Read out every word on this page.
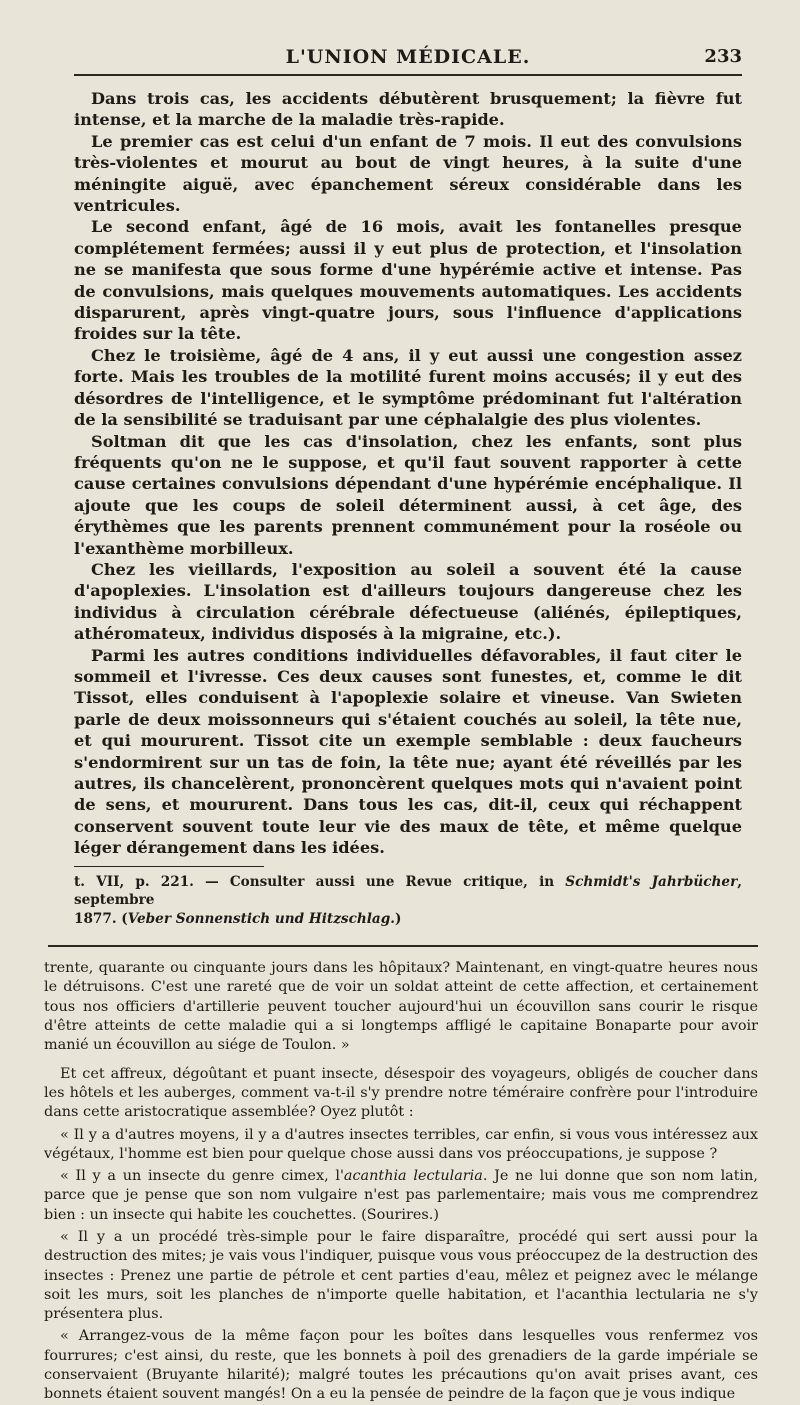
L'UNION MÉDICALE.	233

Dans trois cas, les accidents débutèrent brusquement; la fièvre fut intense, et la marche de la maladie très-rapide.

Le premier cas est celui d'un enfant de 7 mois. Il eut des convulsions très-violentes et mourut au bout de vingt heures, à la suite d'une méningite aiguë, avec épanchement séreux considérable dans les ventricules.

Le second enfant, âgé de 16 mois, avait les fontanelles presque complétement fermées; aussi il y eut plus de protection, et l'insolation ne se manifesta que sous forme d'une hypérémie active et intense. Pas de convulsions, mais quelques mouvements automatiques. Les accidents disparurent, après vingt-quatre jours, sous l'influence d'applications froides sur la tête.

Chez le troisième, âgé de 4 ans, il y eut aussi une congestion assez forte. Mais les troubles de la motilité furent moins accusés; il y eut des désordres de l'intelligence, et le symptôme prédominant fut l'altération de la sensibilité se traduisant par une céphalalgie des plus violentes.

Soltman dit que les cas d'insolation, chez les enfants, sont plus fréquents qu'on ne le suppose, et qu'il faut souvent rapporter à cette cause certaines convulsions dépendant d'une hypérémie encéphalique. Il ajoute que les coups de soleil déterminent aussi, à cet âge, des érythèmes que les parents prennent communément pour la roséole ou l'exanthème morbilleux.

Chez les vieillards, l'exposition au soleil a souvent été la cause d'apoplexies. L'insolation est d'ailleurs toujours dangereuse chez les individus à circulation cérébrale défectueuse (aliénés, épileptiques, athéromateux, individus disposés à la migraine, etc.).

Parmi les autres conditions individuelles défavorables, il faut citer le sommeil et l'ivresse. Ces deux causes sont funestes, et, comme le dit Tissot, elles conduisent à l'apoplexie solaire et vineuse. Van Swieten parle de deux moissonneurs qui s'étaient couchés au soleil, la tête nue, et qui moururent. Tissot cite un exemple semblable : deux faucheurs s'endormirent sur un tas de foin, la tête nue; ayant été réveillés par les autres, ils chancelèrent, prononcèrent quelques mots qui n'avaient point de sens, et moururent. Dans tous les cas, dit-il, ceux qui réchappent conservent souvent toute leur vie des maux de tête, et même quelque léger dérangement dans les idées.

t. VII, p. 221. — Consulter aussi une Revue critique, in Schmidt's Jahrbücher, septembre
1877. (Veber Sonnenstich und Hitzschlag.)

trente, quarante ou cinquante jours dans les hôpitaux? Maintenant, en vingt-quatre heures nous le détruisons. C'est une rareté que de voir un soldat atteint de cette affection, et certainement tous nos officiers d'artillerie peuvent toucher aujourd'hui un écouvillon sans courir le risque d'être atteints de cette maladie qui a si longtemps affligé le capitaine Bonaparte pour avoir manié un écouvillon au siége de Toulon. »

Et cet affreux, dégoûtant et puant insecte, désespoir des voyageurs, obligés de coucher dans les hôtels et les auberges, comment va-t-il s'y prendre notre téméraire confrère pour l'introduire dans cette aristocratique assemblée? Oyez plutôt :

« Il y a d'autres moyens, il y a d'autres insectes terribles, car enfin, si vous vous intéressez aux végétaux, l'homme est bien pour quelque chose aussi dans vos préoccupations, je suppose ?

« Il y a un insecte du genre cimex, l'acanthia lectularia. Je ne lui donne que son nom latin, parce que je pense que son nom vulgaire n'est pas parlementaire; mais vous me comprendrez bien : un insecte qui habite les couchettes. (Sourires.)

« Il y a un procédé très-simple pour le faire disparaître, procédé qui sert aussi pour la destruction des mites; je vais vous l'indiquer, puisque vous vous préoccupez de la destruction des insectes : Prenez une partie de pétrole et cent parties d'eau, mêlez et peignez avec le mélange soit les murs, soit les planches de n'importe quelle habitation, et l'acanthia lectularia ne s'y présentera plus.

« Arrangez-vous de la même façon pour les boîtes dans lesquelles vous renfermez vos fourrures; c'est ainsi, du reste, que les bonnets à poil des grenadiers de la garde impériale se conservaient (Bruyante hilarité); malgré toutes les précautions qu'on avait prises avant, ces bonnets étaient souvent mangés! On a eu la pensée de peindre de la façon que je vous indique
